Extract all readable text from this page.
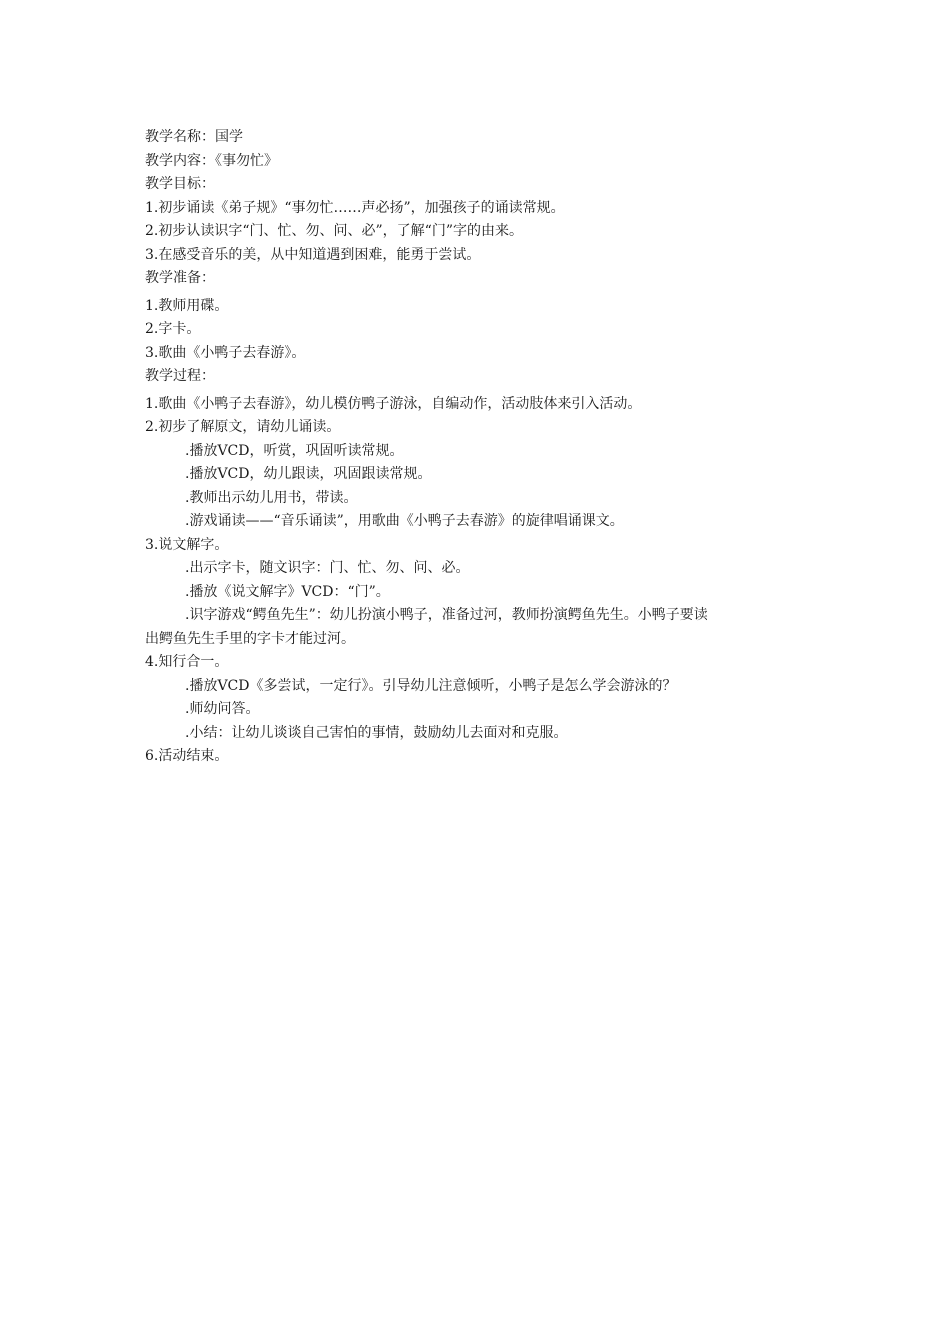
教学名称：国学
教学内容：《事勿忙》
教学目标：
1.初步诵读《弟子规》“事勿忙……声必扬”，加强孩子的诵读常规。
2.初步认读识字“门、忙、勿、问、必”，了解“门”字的由来。
3.在感受音乐的美，从中知道遇到困难，能勇于尝试。
教学准备：
1.教师用碟。
2.字卡。
3.歌曲《小鸭子去春游》。
教学过程：
1.歌曲《小鸭子去春游》，幼儿模仿鸭子游泳，自编动作，活动肢体来引入活动。
2.初步了解原文，请幼儿诵读。
.播放VCD，听赏，巩固听读常规。
.播放VCD，幼儿跟读，巩固跟读常规。
.教师出示幼儿用书，带读。
.游戏诵读——“音乐诵读”，用歌曲《小鸭子去春游》的旋律唱诵课文。
3.说文解字。
.出示字卡，随文识字：门、忙、勿、问、必。
.播放《说文解字》VCD：“门”。
.识字游戏“鳄鱼先生”：幼儿扮演小鸭子，准备过河，教师扮演鳄鱼先生。小鸭子要读
出鳄鱼先生手里的字卡才能过河。
4.知行合一。
.播放VCD《多尝试，一定行》。引导幼儿注意倾听，小鸭子是怎么学会游泳的？
.师幼问答。
.小结：让幼儿谈谈自己害怕的事情，鼓励幼儿去面对和克服。
6.活动结束。
